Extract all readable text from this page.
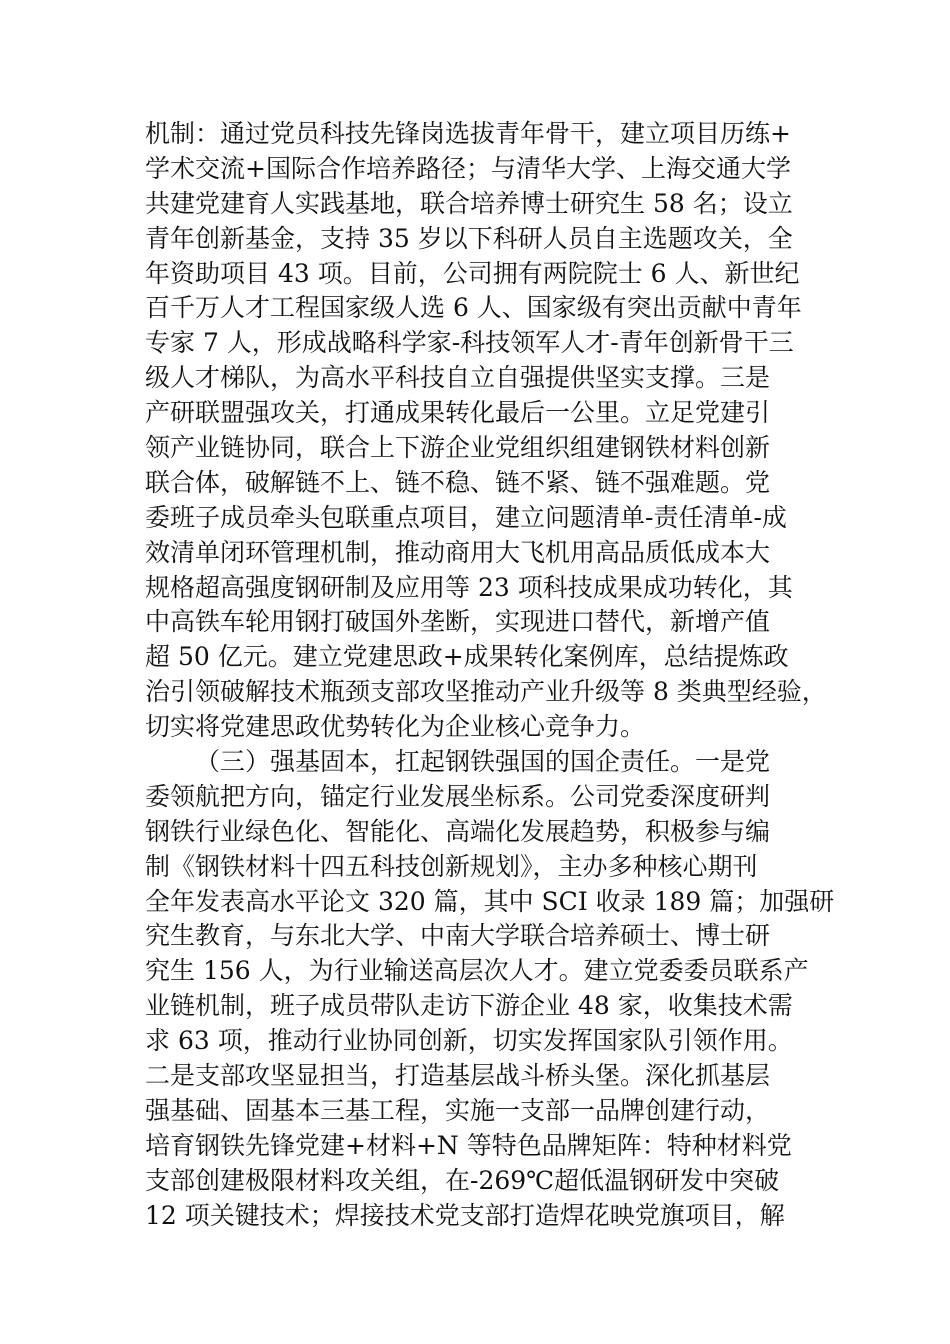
机制：通过党员科技先锋岗选拔青年骨干，建立项目历练+
学术交流+国际合作培养路径；与清华大学、上海交通大学
共建党建育人实践基地，联合培养博士研究生 58 名；设立
青年创新基金，支持 35 岁以下科研人员自主选题攻关，全
年资助项目 43 项。目前，公司拥有两院院士 6 人、新世纪
百千万人才工程国家级人选 6 人、国家级有突出贡献中青年
专家 7 人，形成战略科学家-科技领军人才-青年创新骨干三
级人才梯队，为高水平科技自立自强提供坚实支撑。三是
产研联盟强攻关，打通成果转化最后一公里。立足党建引
领产业链协同，联合上下游企业党组织组建钢铁材料创新
联合体，破解链不上、链不稳、链不紧、链不强难题。党
委班子成员牵头包联重点项目，建立问题清单-责任清单-成
效清单闭环管理机制，推动商用大飞机用高品质低成本大
规格超高强度钢研制及应用等 23 项科技成果成功转化，其
中高铁车轮用钢打破国外垄断，实现进口替代，新增产值
超 50 亿元。建立党建思政+成果转化案例库，总结提炼政
治引领破解技术瓶颈支部攻坚推动产业升级等 8 类典型经验，
切实将党建思政优势转化为企业核心竞争力。
（三）强基固本，扛起钢铁强国的国企责任。一是党
委领航把方向，锚定行业发展坐标系。公司党委深度研判
钢铁行业绿色化、智能化、高端化发展趋势，积极参与编
制《钢铁材料十四五科技创新规划》，主办多种核心期刊
全年发表高水平论文 320 篇，其中 SCI 收录 189 篇；加强研
究生教育，与东北大学、中南大学联合培养硕士、博士研
究生 156 人，为行业输送高层次人才。建立党委委员联系产
业链机制，班子成员带队走访下游企业 48 家，收集技术需
求 63 项，推动行业协同创新，切实发挥国家队引领作用。
二是支部攻坚显担当，打造基层战斗桥头堡。深化抓基层
强基础、固基本三基工程，实施一支部一品牌创建行动，
培育钢铁先锋党建+材料+N 等特色品牌矩阵：特种材料党
支部创建极限材料攻关组，在-269℃超低温钢研发中突破
12 项关键技术；焊接技术党支部打造焊花映党旗项目，解
